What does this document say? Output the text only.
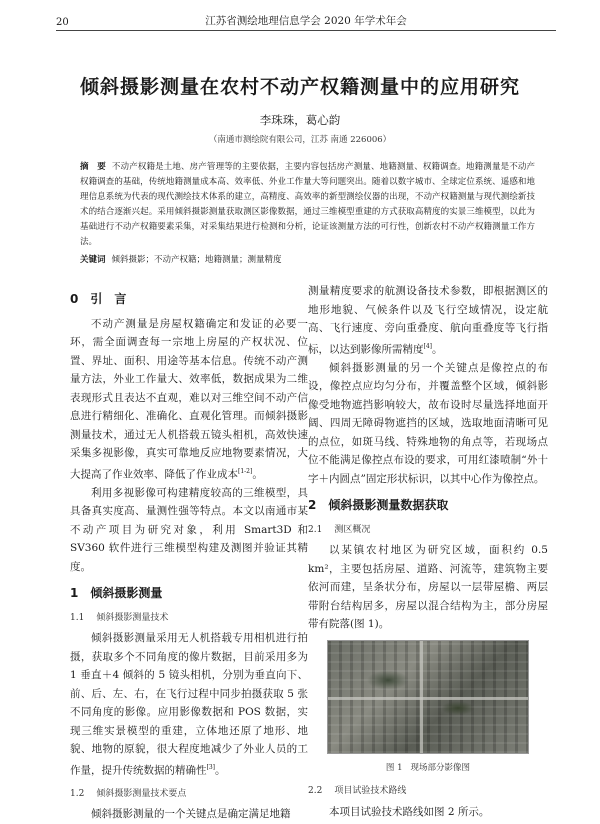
20	江苏省测绘地理信息学会 2020 年学术年会
倾斜摄影测量在农村不动产权籍测量中的应用研究
李珠珠，葛心韵
（南通市测绘院有限公司，江苏 南通 226006）
摘　要 不动产权籍是土地、房产管理等的主要依据，主要内容包括房产测量、地籍测量、权籍调查。地籍测量是不动产权籍调查的基础，传统地籍测量成本高、效率低、外业工作量大等问题突出。随着以数字城市、全球定位系统、遥感和地理信息系统为代表的现代测绘技术体系的建立，高精度、高效率的新型测绘仪器的出现，不动产权籍测量与现代测绘新技术的结合逐渐兴起。采用倾斜摄影测量获取测区影像数据，通过三维模型重建的方式获取高精度的实景三维模型，以此为基础进行不动产权籍要素采集，对采集结果进行检测和分析，论证该测量方法的可行性，创新农村不动产权籍测量工作方法。
关键词 倾斜摄影；不动产权籍；地籍测量；测量精度
0　引　言

不动产测量是房屋权籍确定和发证的必要一环，需全面调查每一宗地上房屋的产权状况、位置、界址、面积、用途等基本信息。传统不动产测量方法，外业工作量大、效率低，数据成果为二维表现形式且表达不直观，难以对三维空间不动产信息进行精细化、准确化、直观化管理。而倾斜摄影测量技术，通过无人机搭载五镜头相机，高效快速采集多视影像，真实可靠地反应地物要素情况，大大提高了作业效率、降低了作业成本[1-2]。

利用多视影像可构建精度较高的三维模型，具具备真实度高、量测性强等特点。本文以南通市某不动产项目为研究对象，利用 Smart3D 和 SV360 软件进行三维模型构建及测图并验证其精度。

1　倾斜摄影测量
1.1 倾斜摄影测量技术

倾斜摄影测量采用无人机搭载专用相机进行拍摄，获取多个不同角度的像片数据，目前采用多为 1 垂直＋4 倾斜的 5 镜头相机，分别为垂直向下、前、后、左、右，在飞行过程中同步拍摄获取 5 张不同角度的影像。应用影像数据和 POS 数据，实现三维实景模型的重建，立体地还原了地形、地貌、地物的原貌，很大程度地减少了外业人员的工作量，提升传统数据的精确性[3]。

1.2 倾斜摄影测量技术要点

倾斜摄影测量的一个关键点是确定满足地籍

测量精度要求的航测设备技术参数，即根据测区的地形地貌、气候条件以及飞行空域情况，设定航高、飞行速度、旁向重叠度、航向重叠度等飞行指标，以达到影像所需精度[4]。

倾斜摄影测量的另一个关键点是像控点的布设，像控点应均匀分布，并覆盖整个区域，倾斜影像受地物遮挡影响较大，故布设时尽量选择地面开阔、四周无障碍物遮挡的区域，选取地面清晰可见的点位，如斑马线、特殊地物的角点等，若现场点位不能满足像控点布设的要求，可用红漆喷制“外十字＋内圆点”固定形状标识，以其中心作为像控点。

2　倾斜摄影测量数据获取
2.1 测区概况

以某镇农村地区为研究区域，面积约 0.5 km²，主要包括房屋、道路、河流等，建筑物主要依河而建，呈条状分布，房屋以一层带屋檐、两层带附台结构居多，房屋以混合结构为主，部分房屋带有院落(图 1)。

图 1 现场部分影像图
2.2 项目试验技术路线

本项目试验技术路线如图 2 所示。
